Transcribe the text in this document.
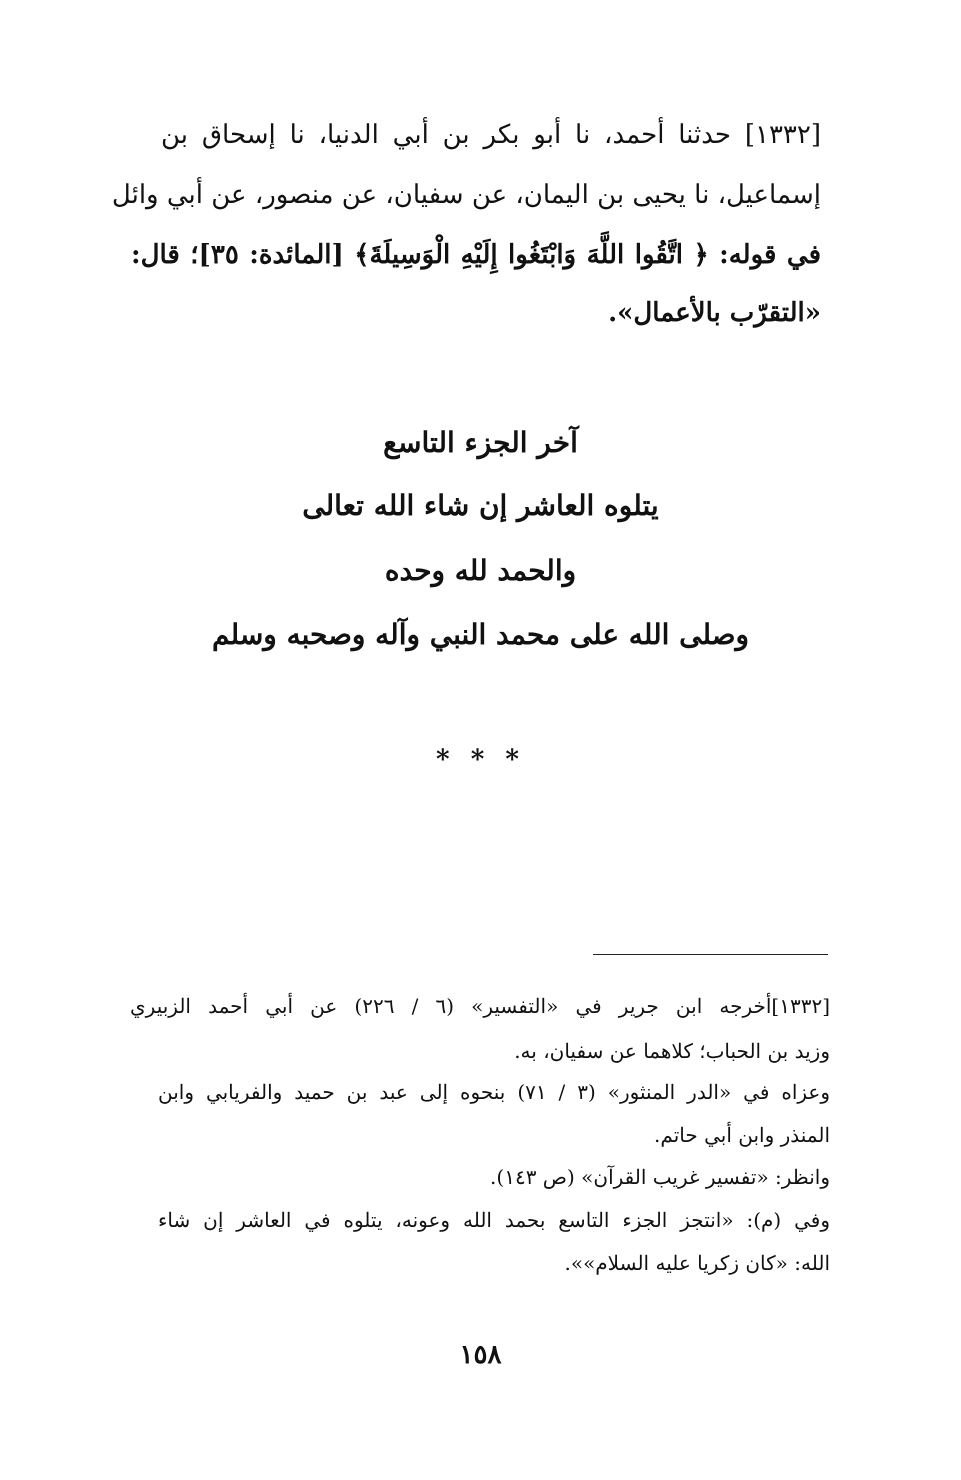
[١٣٣٢] حدثنا أحمد، نا أبو بكر بن أبي الدنيا، نا إسحاق بن
إسماعيل، نا يحيى بن اليمان، عن سفيان، عن منصور، عن أبي وائل
في قوله: ﴿ اتَّقُوا اللَّهَ وَابْتَغُوا إِلَيْهِ الْوَسِيلَةَ﴾ [المائدة: ٣٥]؛ قال:
«التقرّب بالأعمال».
آخر الجزء التاسع
يتلوه العاشر إن شاء الله تعالى
والحمد لله وحده
وصلى الله على محمد النبي وآله وصحبه وسلم
* * *
[١٣٣٢]أخرجه ابن جرير في «التفسير» (٦ / ٢٢٦) عن أبي أحمد الزبيري
وزيد بن الحباب؛ كلاهما عن سفيان، به.
وعزاه في «الدر المنثور» (٣ / ٧١) بنحوه إلى عبد بن حميد والفريابي وابن
المنذر وابن أبي حاتم.
وانظر: «تفسير غريب القرآن» (ص ١٤٣).
وفي (م): «انتجز الجزء التاسع بحمد الله وعونه، يتلوه في العاشر إن شاء
الله: «كان زكريا عليه السلام»».
١٥٨
